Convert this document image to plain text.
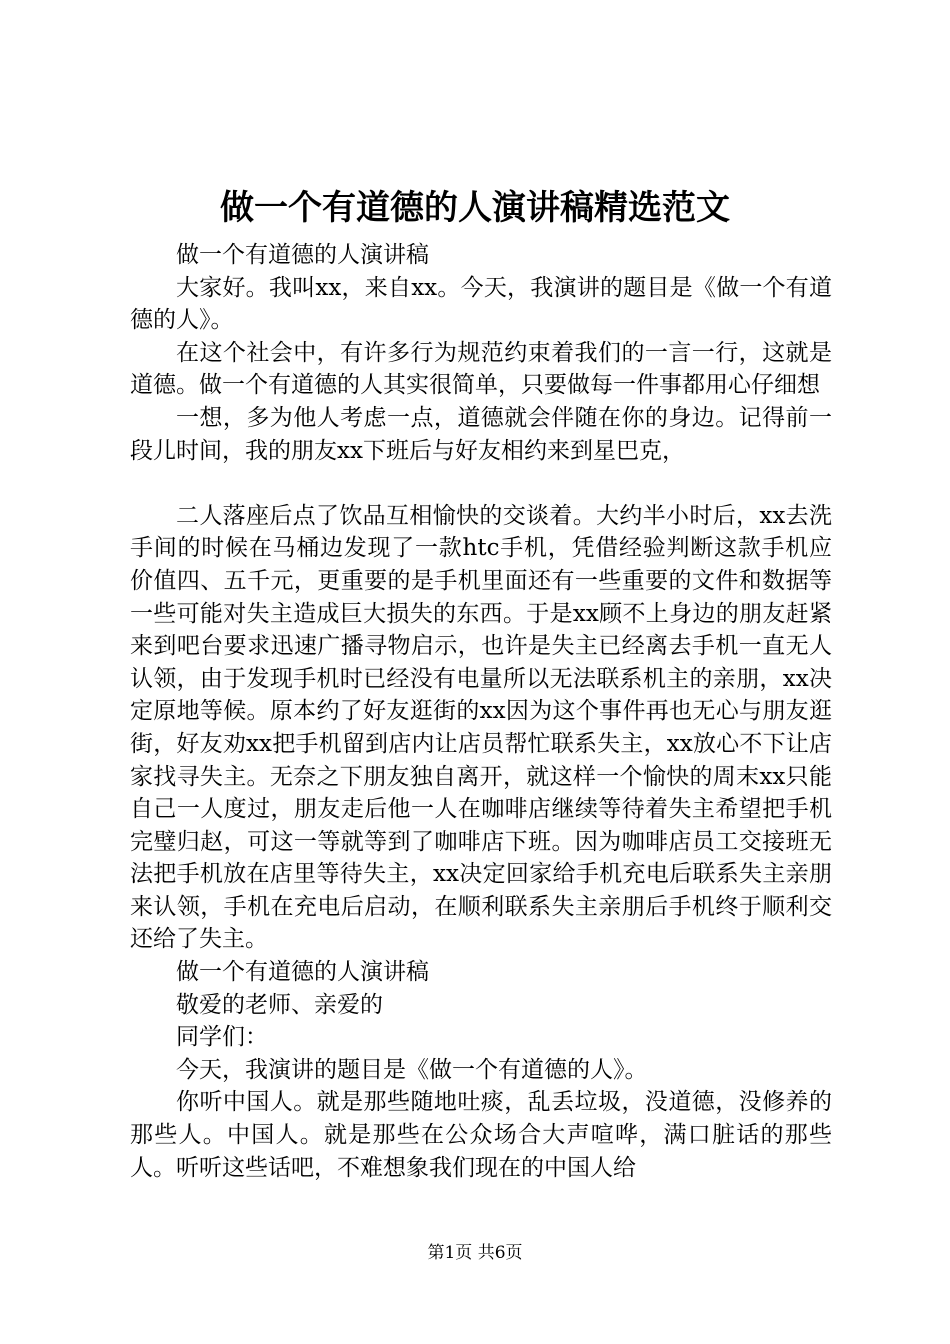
做一个有道德的人演讲稿精选范文

做一个有道德的人演讲稿

大家好。我叫xx，来自xx。今天，我演讲的题目是《做一个有道德的人》。

在这个社会中，有许多行为规范约束着我们的一言一行，这就是道德。做一个有道德的人其实很简单，只要做每一件事都用心仔细想

一想，多为他人考虑一点，道德就会伴随在你的身边。记得前一段儿时间，我的朋友xx下班后与好友相约来到星巴克，

二人落座后点了饮品互相愉快的交谈着。大约半小时后，xx去洗手间的时候在马桶边发现了一款htc手机，凭借经验判断这款手机应价值四、五千元，更重要的是手机里面还有一些重要的文件和数据等一些可能对失主造成巨大损失的东西。于是xx顾不上身边的朋友赶紧来到吧台要求迅速广播寻物启示，也许是失主已经离去手机一直无人认领，由于发现手机时已经没有电量所以无法联系机主的亲朋，xx决定原地等候。原本约了好友逛街的xx因为这个事件再也无心与朋友逛街，好友劝xx把手机留到店内让店员帮忙联系失主，xx放心不下让店家找寻失主。无奈之下朋友独自离开，就这样一个愉快的周末xx只能自己一人度过，朋友走后他一人在咖啡店继续等待着失主希望把手机完璧归赵，可这一等就等到了咖啡店下班。因为咖啡店员工交接班无法把手机放在店里等待失主，xx决定回家给手机充电后联系失主亲朋来认领，手机在充电后启动，在顺利联系失主亲朋后手机终于顺利交还给了失主。

做一个有道德的人演讲稿

敬爱的老师、亲爱的

同学们：

今天，我演讲的题目是《做一个有道德的人》。

你听中国人。就是那些随地吐痰，乱丢垃圾，没道德，没修养的那些人。中国人。就是那些在公众场合大声喧哗，满口脏话的那些人。听听这些话吧，不难想象我们现在的中国人给

第1页 共6页
